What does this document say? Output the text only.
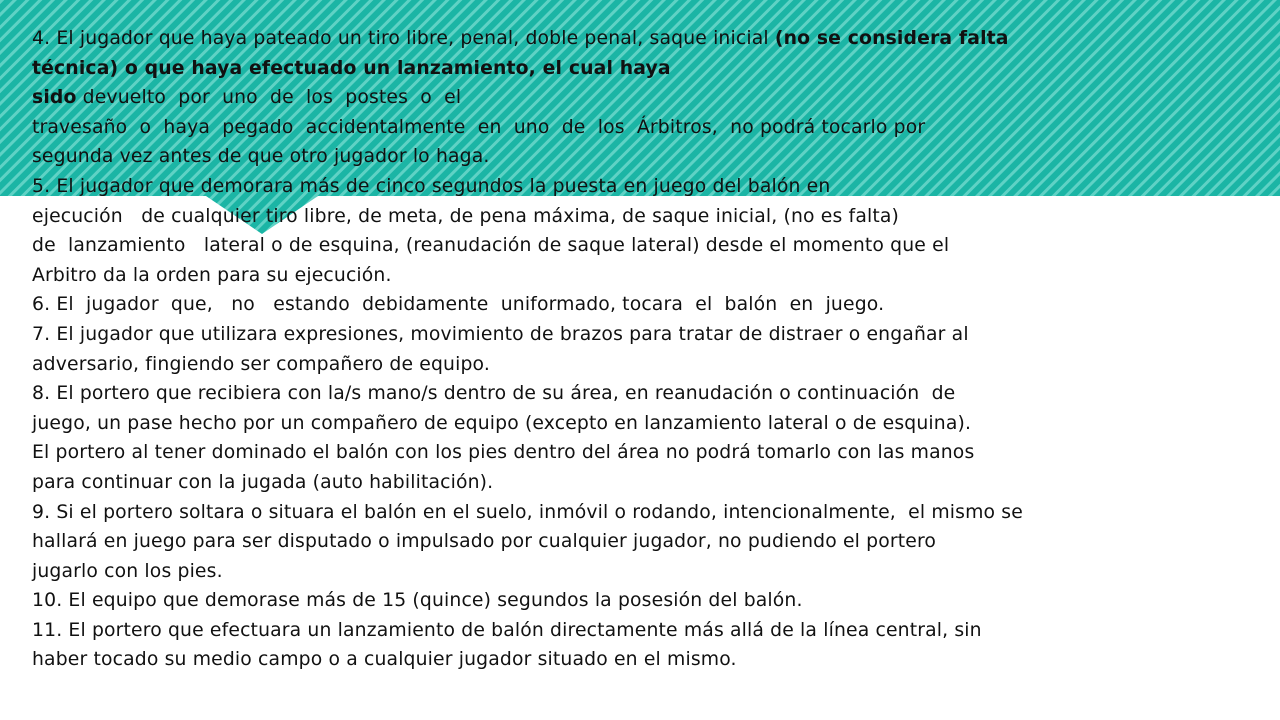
4. El jugador que haya pateado un tiro libre, penal, doble penal, saque inicial (no se considera falta
técnica) o que haya efectuado un lanzamiento, el cual haya
sido devuelto  por  uno  de  los  postes  o  el
travesaño  o  haya  pegado  accidentalmente  en  uno  de  los  Árbitros,  no podrá tocarlo por
segunda vez antes de que otro jugador lo haga.
5. El jugador que demorara más de cinco segundos la puesta en juego del balón en
ejecución   de cualquier tiro libre, de meta, de pena máxima, de saque inicial, (no es falta)
de  lanzamiento   lateral o de esquina, (reanudación de saque lateral) desde el momento que el
Arbitro da la orden para su ejecución.
6. El  jugador  que,   no   estando  debidamente  uniformado, tocara  el  balón  en  juego.
7. El jugador que utilizara expresiones, movimiento de brazos para tratar de distraer o engañar al
adversario, fingiendo ser compañero de equipo.
8. El portero que recibiera con la/s mano/s dentro de su área, en reanudación o continuación  de
juego, un pase hecho por un compañero de equipo (excepto en lanzamiento lateral o de esquina).
El portero al tener dominado el balón con los pies dentro del área no podrá tomarlo con las manos
para continuar con la jugada (auto habilitación).
9. Si el portero soltara o situara el balón en el suelo, inmóvil o rodando, intencionalmente,  el mismo se
hallará en juego para ser disputado o impulsado por cualquier jugador, no pudiendo el portero
jugarlo con los pies.
10. El equipo que demorase más de 15 (quince) segundos la posesión del balón.
11. El portero que efectuara un lanzamiento de balón directamente más allá de la línea central, sin
haber tocado su medio campo o a cualquier jugador situado en el mismo.
